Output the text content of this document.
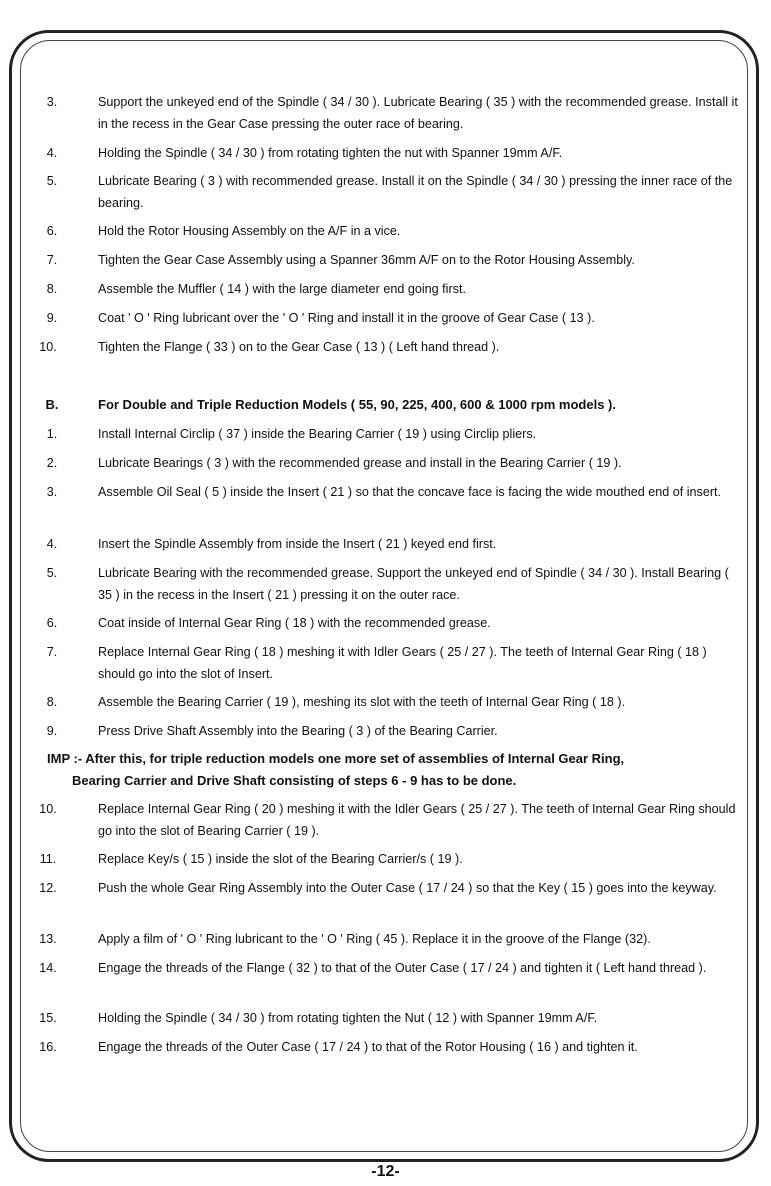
3.	Support the unkeyed end of the Spindle ( 34 / 30 ). Lubricate Bearing ( 35 ) with the recommended grease. Install it in the recess in the Gear Case pressing the outer race of bearing.
4.	Holding the Spindle ( 34 / 30 ) from rotating tighten the nut with Spanner 19mm A/F.
5.	Lubricate Bearing ( 3 ) with recommended grease. Install it on the Spindle ( 34 / 30 ) pressing the inner race of the bearing.
6.	Hold the Rotor Housing Assembly on the A/F in a vice.
7.	Tighten the Gear Case Assembly using a Spanner 36mm A/F on to the Rotor Housing Assembly.
8.	Assemble the Muffler ( 14 ) with the large diameter end going first.
9.	Coat ' O ' Ring lubricant over the ' O ' Ring and install it in the groove of Gear Case ( 13 ).
10.	Tighten the Flange ( 33 ) on to the Gear Case ( 13 ) ( Left hand thread ).
B.	For Double and Triple Reduction Models ( 55, 90, 225, 400, 600 & 1000 rpm models ).
1.	Install Internal Circlip ( 37 ) inside the Bearing Carrier ( 19 ) using Circlip pliers.
2.	Lubricate Bearings ( 3 ) with the recommended grease and install in the Bearing Carrier ( 19 ).
3.	Assemble Oil Seal ( 5 ) inside the Insert ( 21 ) so that the concave face is facing the wide mouthed end of insert.
4.	Insert the Spindle Assembly from inside the Insert ( 21 ) keyed end first.
5.	Lubricate Bearing with the recommended grease. Support the unkeyed end of Spindle ( 34 / 30 ). Install Bearing ( 35 ) in the recess in the Insert ( 21 ) pressing it on the outer race.
6.	Coat inside of Internal Gear Ring ( 18 ) with the recommended grease.
7.	Replace Internal Gear Ring ( 18 ) meshing it with Idler Gears ( 25 / 27 ). The teeth of Internal Gear Ring ( 18 ) should go into the slot of Insert.
8.	Assemble the Bearing Carrier ( 19 ), meshing its slot with the teeth of Internal Gear Ring ( 18 ).
9.	Press Drive Shaft Assembly into the Bearing ( 3 ) of the Bearing Carrier.
IMP :- After this, for triple reduction models one more set of assemblies of Internal Gear Ring,
Bearing Carrier and Drive Shaft consisting of steps 6 - 9 has to be done.
10.	Replace Internal Gear Ring ( 20 ) meshing it with the Idler Gears ( 25 / 27 ). The teeth of Internal Gear Ring should go into the slot of Bearing Carrier ( 19 ).
11.	Replace Key/s ( 15 ) inside the slot of the Bearing Carrier/s ( 19 ).
12.	Push the whole Gear Ring Assembly into the Outer Case ( 17 / 24 ) so that the Key ( 15 ) goes into the keyway.
13.	Apply a film of ' O ' Ring lubricant to the ' O ' Ring ( 45 ). Replace it in the groove of the Flange (32).
14.	Engage the threads of the Flange ( 32 ) to that of the Outer Case ( 17 / 24 ) and tighten it ( Left hand thread ).
15.	Holding the Spindle ( 34 / 30 ) from rotating tighten the Nut ( 12 ) with Spanner 19mm A/F.
16.	Engage the threads of the Outer Case ( 17 / 24 ) to that of the Rotor Housing ( 16 ) and tighten it.
-12-
